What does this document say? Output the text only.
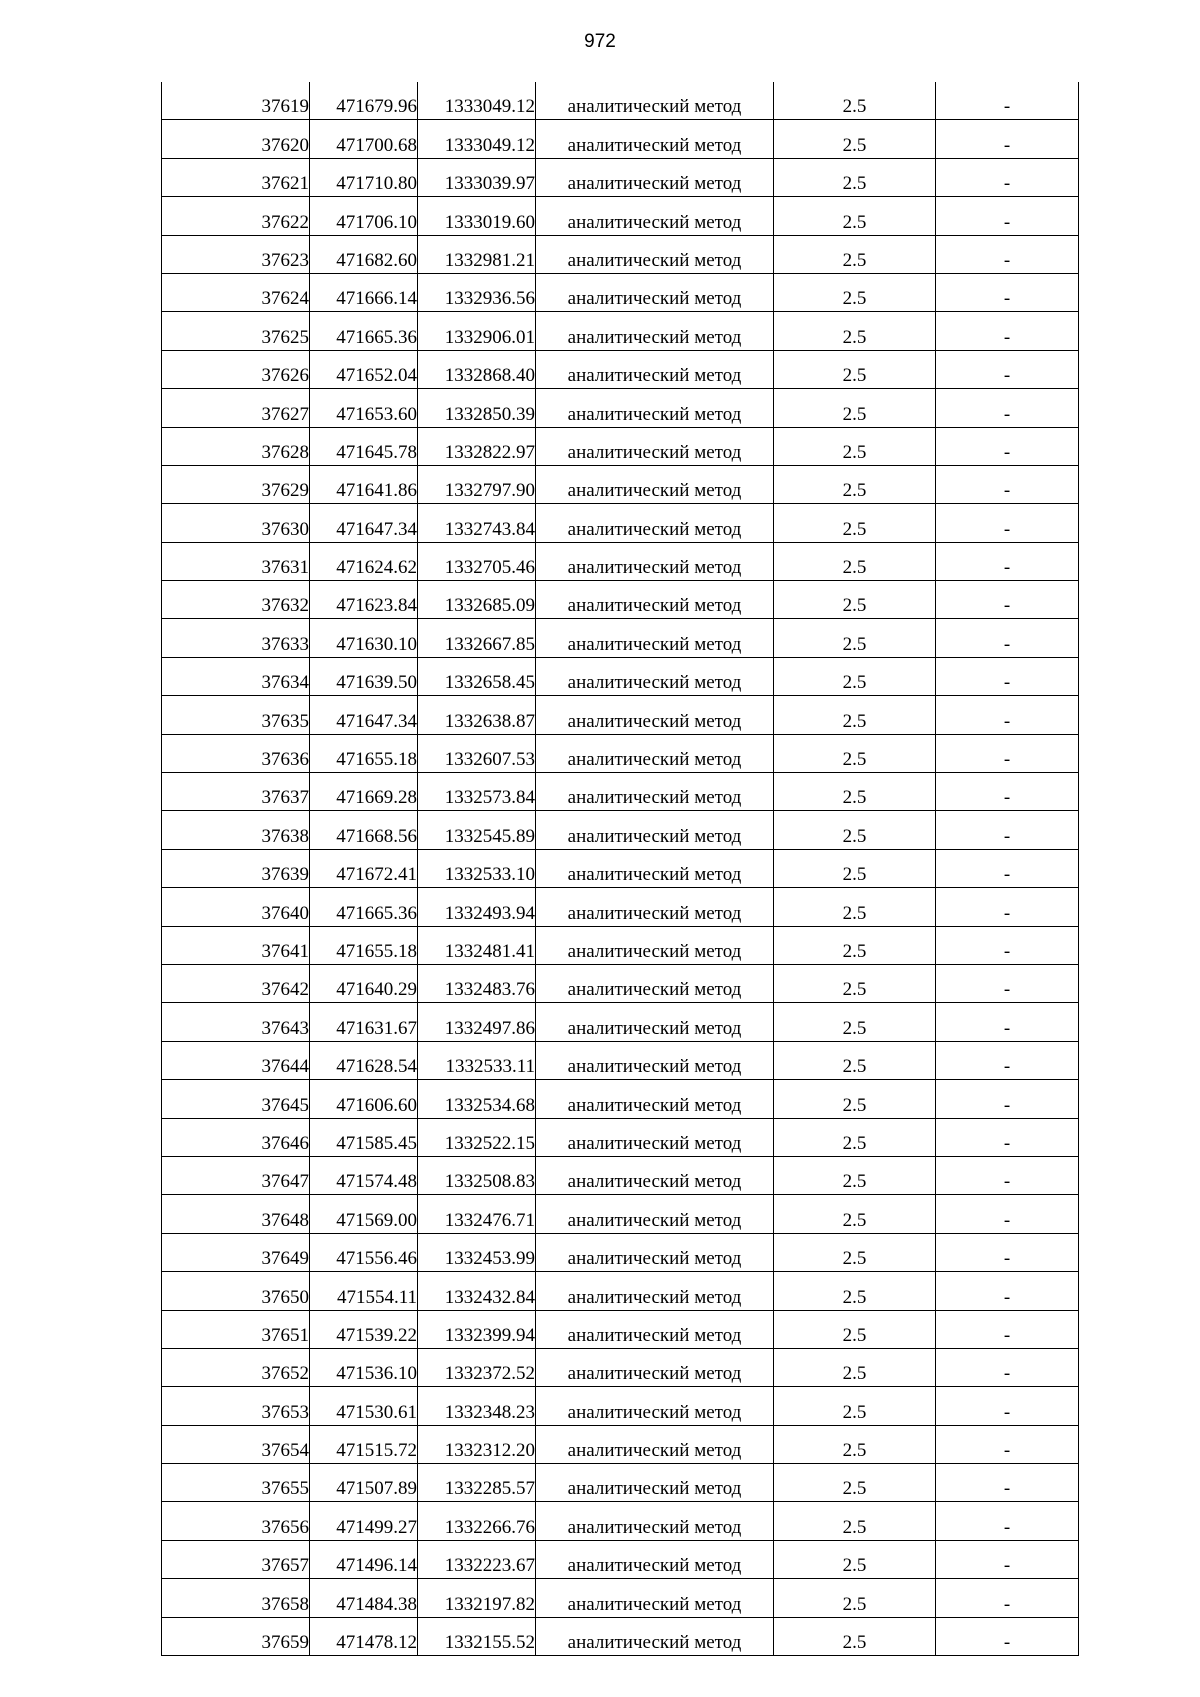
972
37619	471679.96	1333049.12	аналитический метод	2.5	-
37620	471700.68	1333049.12	аналитический метод	2.5	-
37621	471710.80	1333039.97	аналитический метод	2.5	-
37622	471706.10	1333019.60	аналитический метод	2.5	-
37623	471682.60	1332981.21	аналитический метод	2.5	-
37624	471666.14	1332936.56	аналитический метод	2.5	-
37625	471665.36	1332906.01	аналитический метод	2.5	-
37626	471652.04	1332868.40	аналитический метод	2.5	-
37627	471653.60	1332850.39	аналитический метод	2.5	-
37628	471645.78	1332822.97	аналитический метод	2.5	-
37629	471641.86	1332797.90	аналитический метод	2.5	-
37630	471647.34	1332743.84	аналитический метод	2.5	-
37631	471624.62	1332705.46	аналитический метод	2.5	-
37632	471623.84	1332685.09	аналитический метод	2.5	-
37633	471630.10	1332667.85	аналитический метод	2.5	-
37634	471639.50	1332658.45	аналитический метод	2.5	-
37635	471647.34	1332638.87	аналитический метод	2.5	-
37636	471655.18	1332607.53	аналитический метод	2.5	-
37637	471669.28	1332573.84	аналитический метод	2.5	-
37638	471668.56	1332545.89	аналитический метод	2.5	-
37639	471672.41	1332533.10	аналитический метод	2.5	-
37640	471665.36	1332493.94	аналитический метод	2.5	-
37641	471655.18	1332481.41	аналитический метод	2.5	-
37642	471640.29	1332483.76	аналитический метод	2.5	-
37643	471631.67	1332497.86	аналитический метод	2.5	-
37644	471628.54	1332533.11	аналитический метод	2.5	-
37645	471606.60	1332534.68	аналитический метод	2.5	-
37646	471585.45	1332522.15	аналитический метод	2.5	-
37647	471574.48	1332508.83	аналитический метод	2.5	-
37648	471569.00	1332476.71	аналитический метод	2.5	-
37649	471556.46	1332453.99	аналитический метод	2.5	-
37650	471554.11	1332432.84	аналитический метод	2.5	-
37651	471539.22	1332399.94	аналитический метод	2.5	-
37652	471536.10	1332372.52	аналитический метод	2.5	-
37653	471530.61	1332348.23	аналитический метод	2.5	-
37654	471515.72	1332312.20	аналитический метод	2.5	-
37655	471507.89	1332285.57	аналитический метод	2.5	-
37656	471499.27	1332266.76	аналитический метод	2.5	-
37657	471496.14	1332223.67	аналитический метод	2.5	-
37658	471484.38	1332197.82	аналитический метод	2.5	-
37659	471478.12	1332155.52	аналитический метод	2.5	-
